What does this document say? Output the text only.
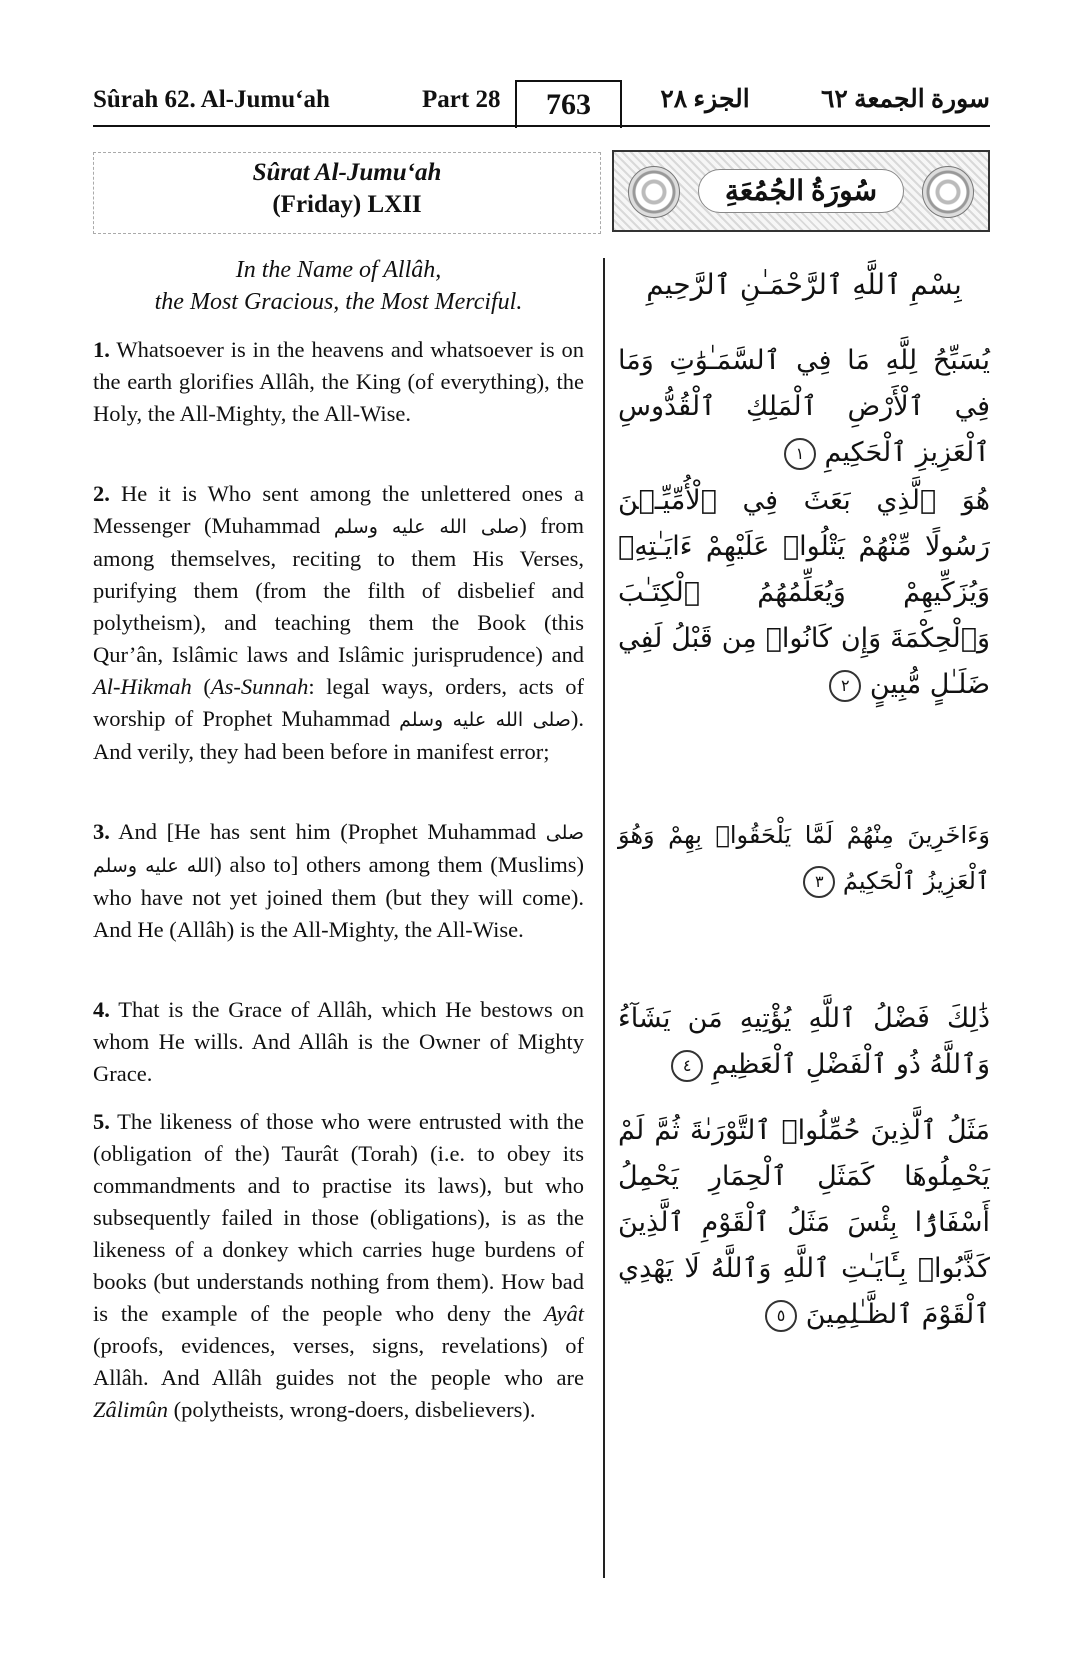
Sûrah 62. Al-Jumu‘ah	Part 28	763	الجزء ٢٨	سورة الجمعة ٦٢
Sûrat Al-Jumu‘ah
(Friday) LXII	سُورَةُ الجُمُعَةِ
In the Name of Allâh,
the Most Gracious, the Most Merciful.
بِسْمِ ٱللَّهِ ٱلرَّحْمَـٰنِ ٱلرَّحِيمِ
1. Whatsoever is in the heavens and whatsoever is on the earth glorifies Allâh, the King (of everything), the Holy, the All-Mighty, the All-Wise.
يُسَبِّحُ لِلَّهِ مَا فِي ٱلسَّمَـٰوَٰتِ وَمَا فِي ٱلْأَرْضِ ٱلْمَلِكِ ٱلْقُدُّوسِ ٱلْعَزِيزِ ٱلْحَكِيمِ ١
2. He it is Who sent among the unlettered ones a Messenger (Muhammad صلى الله عليه وسلم) from among themselves, reciting to them His Verses, purifying them (from the filth of disbelief and polytheism), and teaching them the Book (this Qur’ân, Islâmic laws and Islâmic jurisprudence) and Al-Hikmah (As-Sunnah: legal ways, orders, acts of worship of Prophet Muhammad صلى الله عليه وسلم). And verily, they had been before in manifest error;
هُوَ ٱلَّذِي بَعَثَ فِي ٱلْأُمِّيِّـۧنَ رَسُولًا مِّنْهُمْ يَتْلُوا۟ عَلَيْهِمْ ءَايَـٰتِهِۦ وَيُزَكِّيهِمْ وَيُعَلِّمُهُمُ ٱلْكِتَـٰبَ وَٱلْحِكْمَةَ وَإِن كَانُوا۟ مِن قَبْلُ لَفِي ضَلَـٰلٍ مُّبِينٍ ٢
3. And [He has sent him (Prophet Muhammad صلى الله عليه وسلم) also to] others among them (Muslims) who have not yet joined them (but they will come). And He (Allâh) is the All-Mighty, the All-Wise.
وَءَاخَرِينَ مِنْهُمْ لَمَّا يَلْحَقُوا۟ بِهِمْ وَهُوَ ٱلْعَزِيزُ ٱلْحَكِيمُ ٣
4. That is the Grace of Allâh, which He bestows on whom He wills. And Allâh is the Owner of Mighty Grace.
ذَٰلِكَ فَضْلُ ٱللَّهِ يُؤْتِيهِ مَن يَشَآءُ وَٱللَّهُ ذُو ٱلْفَضْلِ ٱلْعَظِيمِ ٤
5. The likeness of those who were entrusted with the (obligation of the) Taurât (Torah) (i.e. to obey its commandments and to practise its laws), but who subsequently failed in those (obligations), is as the likeness of a donkey which carries huge burdens of books (but understands nothing from them). How bad is the example of the people who deny the Ayât (proofs, evidences, verses, signs, revelations) of Allâh. And Allâh guides not the people who are Zâlimûn (polytheists, wrong-doers, disbelievers).
مَثَلُ ٱلَّذِينَ حُمِّلُوا۟ ٱلتَّوْرَىٰةَ ثُمَّ لَمْ يَحْمِلُوهَا كَمَثَلِ ٱلْحِمَارِ يَحْمِلُ أَسْفَارًۢا بِئْسَ مَثَلُ ٱلْقَوْمِ ٱلَّذِينَ كَذَّبُوا۟ بِـَٔايَـٰتِ ٱللَّهِ وَٱللَّهُ لَا يَهْدِي ٱلْقَوْمَ ٱلظَّـٰلِمِينَ ٥
